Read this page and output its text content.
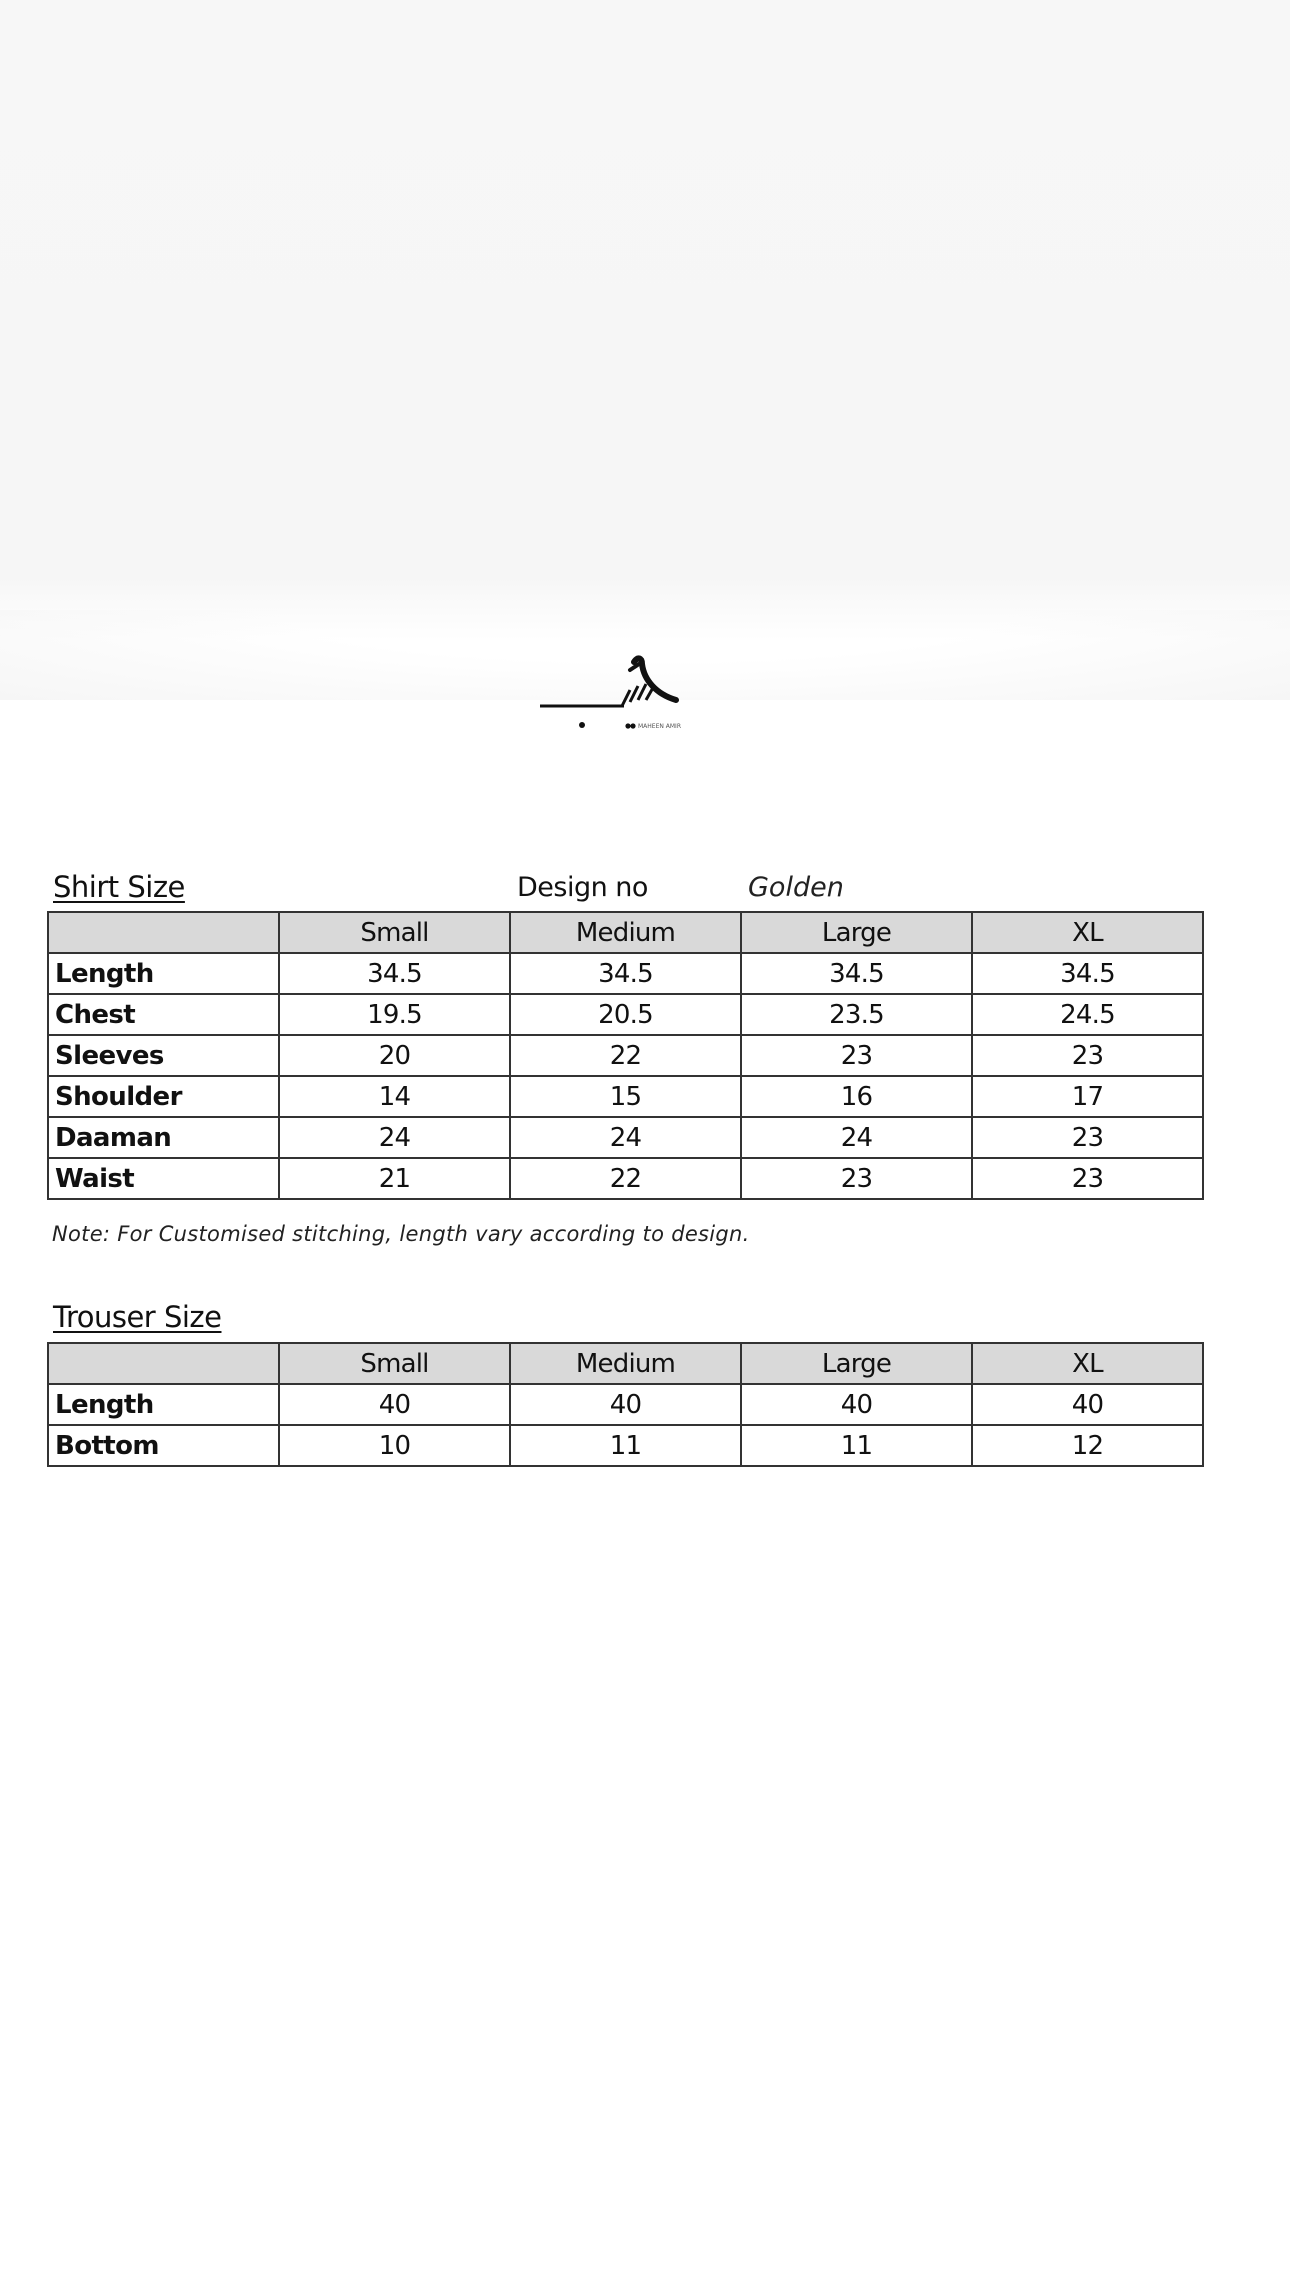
MAHEEN AMIR
Shirt Size	Design no	Golden
	Small	Medium	Large	XL
Length	34.5	34.5	34.5	34.5
Chest	19.5	20.5	23.5	24.5
Sleeves	20	22	23	23
Shoulder	14	15	16	17
Daaman	24	24	24	23
Waist	21	22	23	23
Note: For Customised stitching, length vary according to design.
Trouser Size
	Small	Medium	Large	XL
Length	40	40	40	40
Bottom	10	11	11	12
